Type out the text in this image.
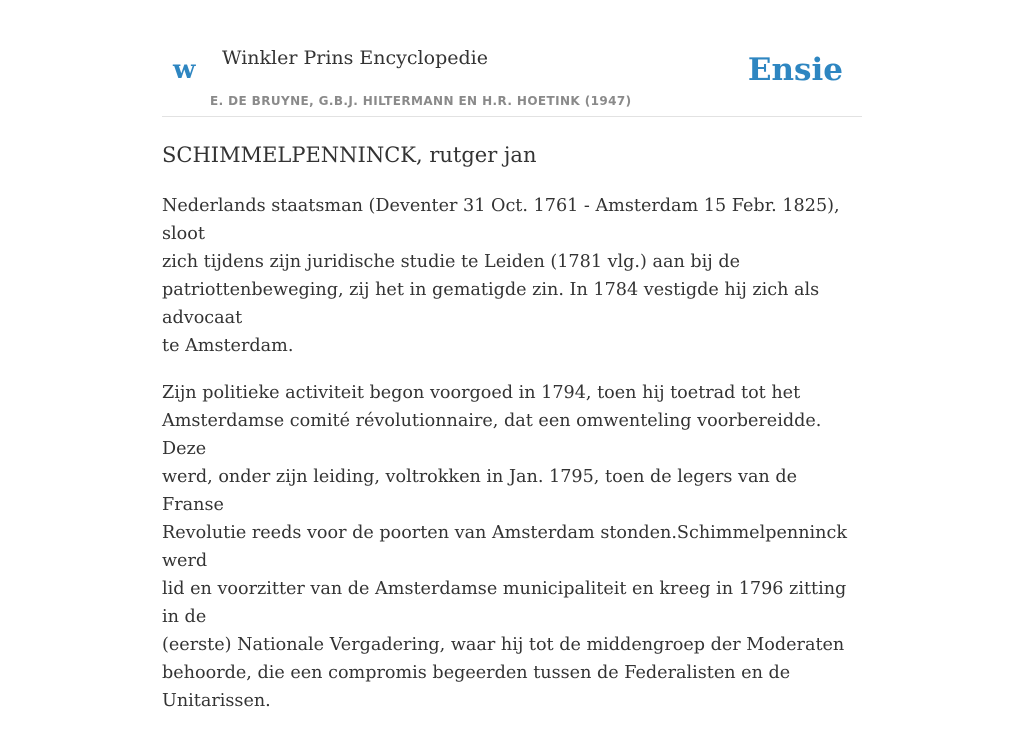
w Winkler Prins Encyclopedie
E. DE BRUYNE, G.B.J. HILTERMANN EN H.R. HOETINK (1947)
Ensie
SCHIMMELPENNINCK, rutger jan

Nederlands staatsman (Deventer 31 Oct. 1761 - Amsterdam 15 Febr. 1825), sloot
zich tijdens zijn juridische studie te Leiden (1781 vlg.) aan bij de
patriottenbeweging, zij het in gematigde zin. In 1784 vestigde hij zich als advocaat
te Amsterdam.

Zijn politieke activiteit begon voorgoed in 1794, toen hij toetrad tot het
Amsterdamse comité révolutionnaire, dat een omwenteling voorbereidde. Deze
werd, onder zijn leiding, voltrokken in Jan. 1795, toen de legers van de Franse
Revolutie reeds voor de poorten van Amsterdam stonden.Schimmelpenninck werd
lid en voorzitter van de Amsterdamse municipaliteit en kreeg in 1796 zitting in de
(eerste) Nationale Vergadering, waar hij tot de middengroep der Moderaten
behoorde, die een compromis begeerden tussen de Federalisten en de Unitarissen.
